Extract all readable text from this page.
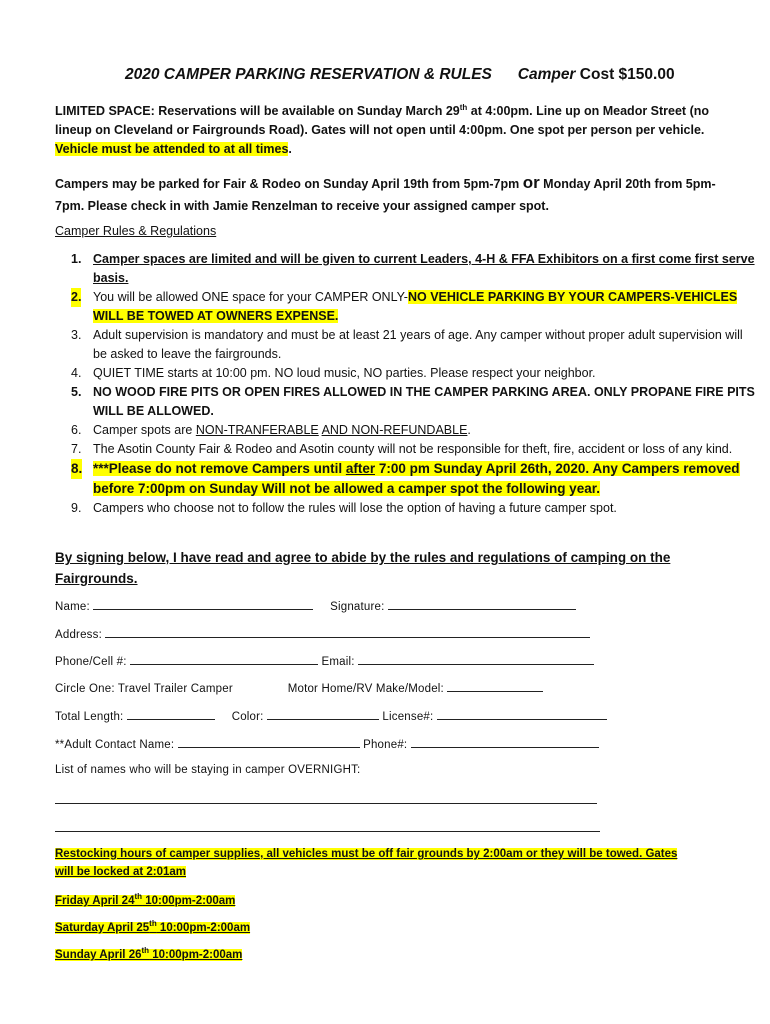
2020 CAMPER PARKING RESERVATION & RULES Camper Cost $150.00
LIMITED SPACE: Reservations will be available on Sunday March 29th at 4:00pm. Line up on Meador Street (no lineup on Cleveland or Fairgrounds Road). Gates will not open until 4:00pm. One spot per person per vehicle. Vehicle must be attended to at all times.
Campers may be parked for Fair & Rodeo on Sunday April 19th from 5pm-7pm or Monday April 20th from 5pm-7pm. Please check in with Jamie Renzelman to receive your assigned camper spot.
Camper Rules & Regulations
1. Camper spaces are limited and will be given to current Leaders, 4-H & FFA Exhibitors on a first come first serve basis.
2. You will be allowed ONE space for your CAMPER ONLY-NO VEHICLE PARKING BY YOUR CAMPERS-VEHICLES WILL BE TOWED AT OWNERS EXPENSE.
3. Adult supervision is mandatory and must be at least 21 years of age. Any camper without proper adult supervision will be asked to leave the fairgrounds.
4. QUIET TIME starts at 10:00 pm. NO loud music, NO parties. Please respect your neighbor.
5. NO WOOD FIRE PITS OR OPEN FIRES ALLOWED IN THE CAMPER PARKING AREA. ONLY PROPANE FIRE PITS WILL BE ALLOWED.
6. Camper spots are NON-TRANFERABLE AND NON-REFUNDABLE.
7. The Asotin County Fair & Rodeo and Asotin county will not be responsible for theft, fire, accident or loss of any kind.
8. ***Please do not remove Campers until after 7:00 pm Sunday April 26th, 2020. Any Campers removed before 7:00pm on Sunday Will not be allowed a camper spot the following year.
9. Campers who choose not to follow the rules will lose the option of having a future camper spot.
By signing below, I have read and agree to abide by the rules and regulations of camping on the Fairgrounds.
Name:	Signature:
Address:
Phone/Cell #:	Email:
Circle One: Travel Trailer Camper	Motor Home/RV Make/Model:
Total Length:	Color:	License#:
**Adult Contact Name:	Phone#:
List of names who will be staying in camper OVERNIGHT:
Restocking hours of camper supplies, all vehicles must be off fair grounds by 2:00am or they will be towed. Gates will be locked at 2:01am
Friday April 24th 10:00pm-2:00am
Saturday April 25th 10:00pm-2:00am
Sunday April 26th 10:00pm-2:00am
